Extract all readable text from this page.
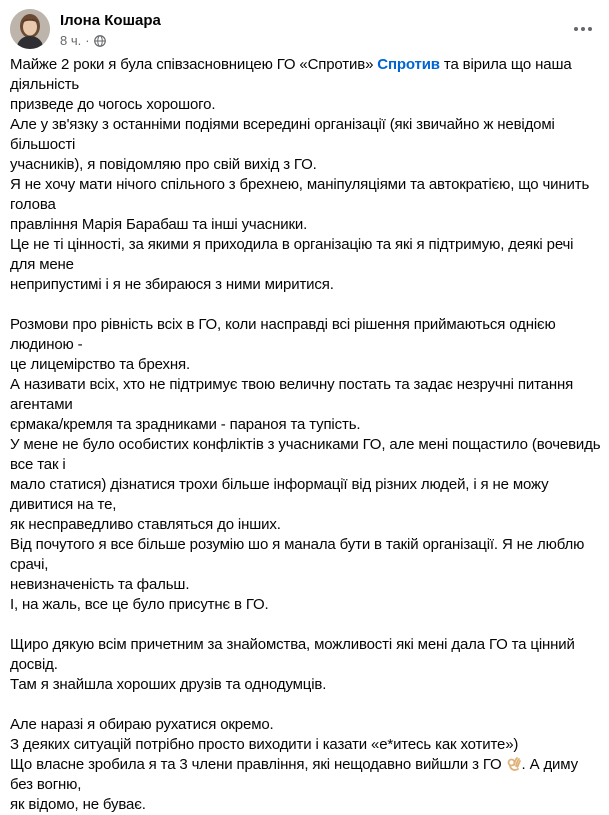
Ілона Кошара
8 ч. ·

Майже 2 роки я була співзасновницею ГО «Спротив» Спротив та вірила що наша діяльність
призведе до чогось хорошого.
Але у зв'язку з останніми подіями всередині організації (які звичайно ж невідомі більшості
учасників), я повідомляю про свій вихід з ГО.
Я не хочу мати нічого спільного з брехнею, маніпуляціями та автократією, що чинить голова
правління Марія Барабаш та інші учасники.
Це не ті цінності, за якими я приходила в організацію та які я підтримую, деякі речі для мене
неприпустимі і я не збираюся з ними миритися.

Розмови про рівність всіх в ГО, коли насправді всі рішення приймаються однією людиною -
це лицемірство та брехня.
А називати всіх, хто не підтримує твою величну постать та задає незручні питання агентами
єрмака/кремля та зрадниками - параноя та тупість.
У мене не було особистих конфліктів з учасниками ГО, але мені пощастило (вочевидь все так і
мало статися) дізнатися трохи більше інформації від різних людей, і я не можу дивитися на те,
як несправедливо ставляться до інших.
Від почутого я все більше розумію шо я манала бути в такій організації. Я не люблю срачі,
невизначеність та фальш.
І, на жаль, все це було присутнє в ГО.

Щиро дякую всім причетним за знайомства, можливості які мені дала ГО та цінний досвід.
Там я знайшла хороших друзів та однодумців.

Але наразі я обираю рухатися окремо.
З деяких ситуацій потрібно просто виходити і казати «е*итесь как хотите»)
Що власне зробила я та 3 члени правління, які нещодавно вийшли з ГО . А диму без вогню,
як відомо, не буває.
